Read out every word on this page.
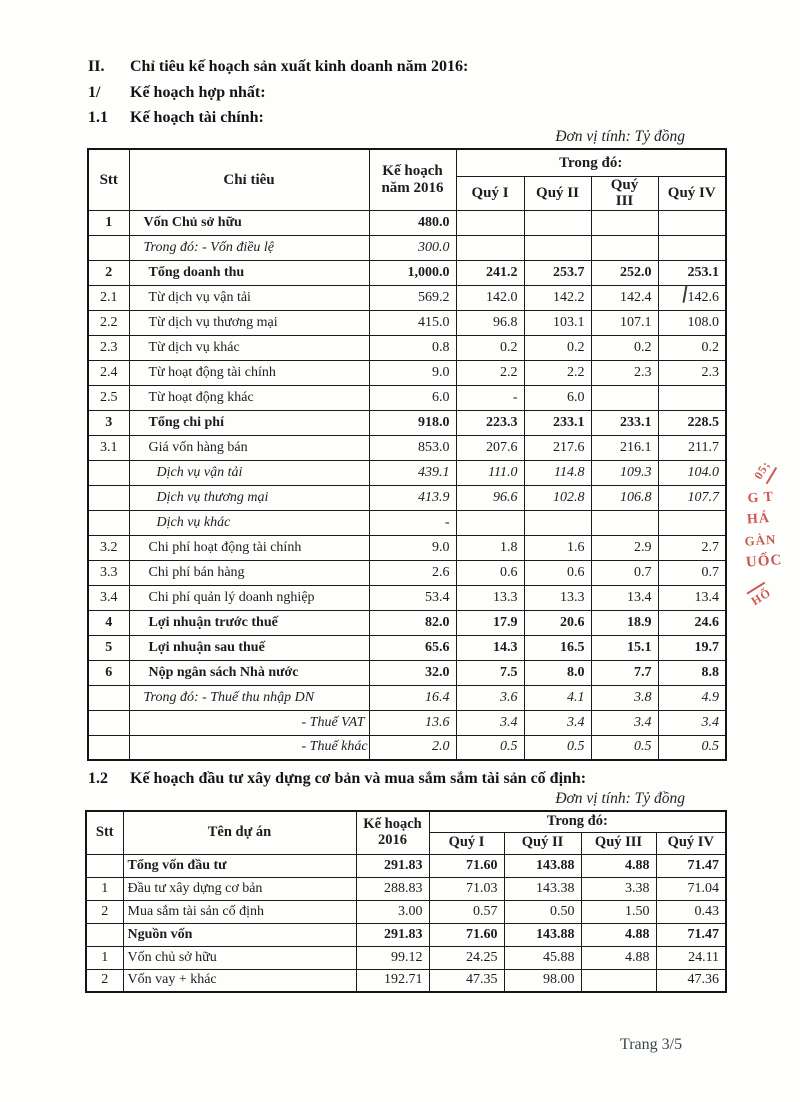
II.	Chỉ tiêu kế hoạch sản xuất kinh doanh năm 2016:
1/	Kế hoạch hợp nhất:
1.1	Kế hoạch tài chính:
Đơn vị tính: Tỷ đồng
Stt	Chỉ tiêu	Kế hoạch năm 2016	Trong đó:			
			Quý I	Quý II	Quý III	Quý IV
1	Vốn Chủ sở hữu	480.0				
	Trong đó: - Vốn điều lệ	300.0				
2	Tổng doanh thu	1,000.0	241.2	253.7	252.0	253.1
2.1	Từ dịch vụ vận tải	569.2	142.0	142.2	142.4	142.6
2.2	Từ dịch vụ thương mại	415.0	96.8	103.1	107.1	108.0
2.3	Từ dịch vụ khác	0.8	0.2	0.2	0.2	0.2
2.4	Từ hoạt động tài chính	9.0	2.2	2.2	2.3	2.3
2.5	Từ hoạt động khác	6.0	-	6.0		
3	Tổng chi phí	918.0	223.3	233.1	233.1	228.5
3.1	Giá vốn hàng bán	853.0	207.6	217.6	216.1	211.7
	Dịch vụ vận tải	439.1	111.0	114.8	109.3	104.0
	Dịch vụ thương mại	413.9	96.6	102.8	106.8	107.7
	Dịch vụ khác	-				
3.2	Chi phí hoạt động tài chính	9.0	1.8	1.6	2.9	2.7
3.3	Chi phí bán hàng	2.6	0.6	0.6	0.7	0.7
3.4	Chi phí quản lý doanh nghiệp	53.4	13.3	13.3	13.4	13.4
4	Lợi nhuận trước thuế	82.0	17.9	20.6	18.9	24.6
5	Lợi nhuận sau thuế	65.6	14.3	16.5	15.1	19.7
6	Nộp ngân sách Nhà nước	32.0	7.5	8.0	7.7	8.8
	Trong đó: - Thuế thu nhập DN	16.4	3.6	4.1	3.8	4.9
	- Thuế VAT	13.6	3.4	3.4	3.4	3.4
	- Thuế khác	2.0	0.5	0.5	0.5	0.5
1.2	Kế hoạch đầu tư xây dựng cơ bản và mua sắm sắm tài sản cố định:
Đơn vị tính: Tỷ đồng
Stt	Tên dự án	Kế hoạch 2016	Trong đó:			
			Quý I	Quý II	Quý III	Quý IV
	Tổng vốn đầu tư	291.83	71.60	143.88	4.88	71.47
1	Đầu tư xây dựng cơ bản	288.83	71.03	143.38	3.38	71.04
2	Mua sắm tài sản cố định	3.00	0.57	0.50	1.50	0.43
	Nguồn vốn	291.83	71.60	143.88	4.88	71.47
1	Vốn chủ sở hữu	99.12	24.25	45.88	4.88	24.11
2	Vốn vay + khác	192.71	47.35	98.00		47.36
05;
G T
HÁ
GÀN
UỐC
HỐ
Trang 3/5
